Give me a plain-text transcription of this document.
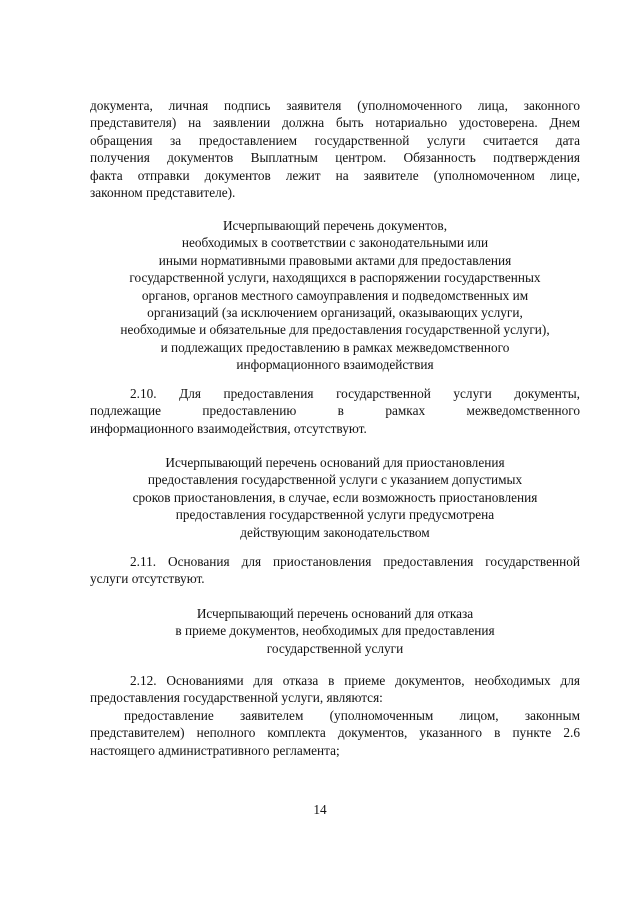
документа, личная подпись заявителя (уполномоченного лица, законного
представителя) на заявлении должна быть нотариально удостоверена. Днем
обращения за предоставлением государственной услуги считается дата
получения документов Выплатным центром. Обязанность подтверждения
факта отправки документов лежит на заявителе (уполномоченном лице,
законном представителе).
Исчерпывающий перечень документов,
необходимых в соответствии с законодательными или
иными нормативными правовыми актами для предоставления
государственной услуги, находящихся в распоряжении государственных
органов, органов местного самоуправления и подведомственных им
организаций (за исключением организаций, оказывающих услуги,
необходимые и обязательные для предоставления государственной услуги),
и подлежащих предоставлению в рамках межведомственного
информационного взаимодействия
2.10. Для предоставления государственной услуги документы,
подлежащие предоставлению в рамках межведомственного
информационного взаимодействия, отсутствуют.
Исчерпывающий перечень оснований для приостановления
предоставления государственной услуги с указанием допустимых
сроков приостановления, в случае, если возможность приостановления
предоставления государственной услуги предусмотрена
действующим законодательством
2.11. Основания для приостановления предоставления государственной
услуги отсутствуют.
Исчерпывающий перечень оснований для отказа
в приеме документов, необходимых для предоставления
государственной услуги
2.12. Основаниями для отказа в приеме документов, необходимых для
предоставления государственной услуги, являются:
предоставление заявителем (уполномоченным лицом, законным
представителем) неполного комплекта документов, указанного в пункте 2.6
настоящего административного регламента;
14
